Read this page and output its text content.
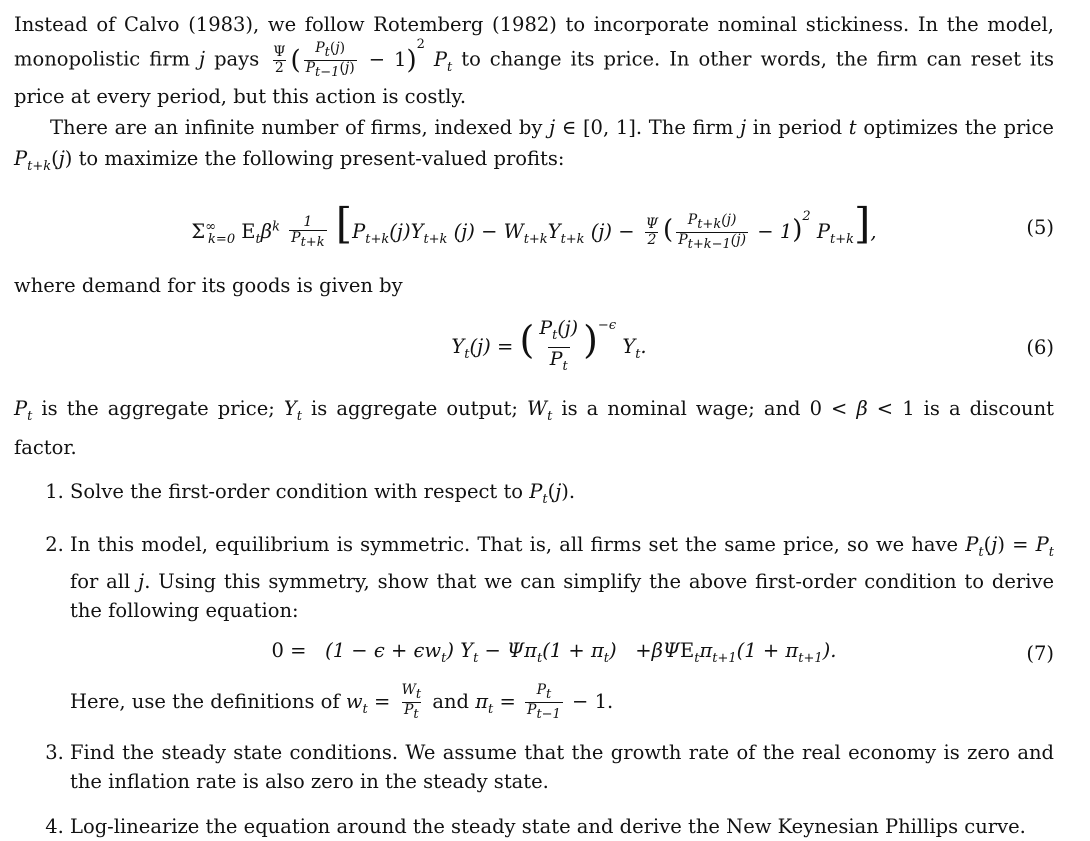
Instead of Calvo (1983), we follow Rotemberg (1982) to incorporate nominal stickiness. In the model, monopolistic firm j pays $\frac{\Psi}{2}$ ( $\frac{P_t(j)}{P_{t-1}(j)} - 1)^2$ $P_t$ to change its price. In other words, the firm can reset its price at every period, but this action is costly.

There are an infinite number of firms, indexed by j ∈ [0, 1]. The firm j in period t optimizes the price $P_{t+k}(j)$ to maximize the following present-valued profits:

$\Sigma^\infty_{k=0}$ $E_t\beta^k \frac{1}{P_{t+k}} [P_{t+k}(j)Y_{t+k}$ $(j) - W_{t+k}Y_{t+k}$ $(j) - \frac{\Psi}{2}$ ( $\frac{P_{t+k}(j)}{P_{t+k-1}(j)} - 1)^2$ $P_{t+k}$],	(5)

where demand for its goods is given by

$Y_t(j)$ = ( $\frac{P_t(j)}{P_t} )^{-\epsilon}$ $Y_t$.	(6)

$P_t$ is the aggregate price; $Y_t$ is aggregate output; $W_t$ is a nominal wage; and 0 < β < 1 is a discount factor.

1. Solve the first-order condition with respect to $P_t(j)$.
2. In this model, equilibrium is symmetric. That is, all firms set the same price, so we have $P_t(j) = P_t$ for all j. Using this symmetry, show that we can simplify the above first-order condition to derive the following equation:
$0 = (1 - \epsilon + \epsilon w_t)$ $Y_t - \Psi\pi_t(1 + \pi_t) +\beta\Psi E_t\pi_{t+1}(1 + \pi_{t+1})$.	(7)
Here, use the definitions of $w_t = \frac{W_t}{P_t}$ and $\pi_t = \frac{P_t}{P_{t-1}} - 1$.
3. Find the steady state conditions. We assume that the growth rate of the real economy is zero and the inflation rate is also zero in the steady state.
4. Log-linearize the equation around the steady state and derive the New Keynesian Phillips curve.
